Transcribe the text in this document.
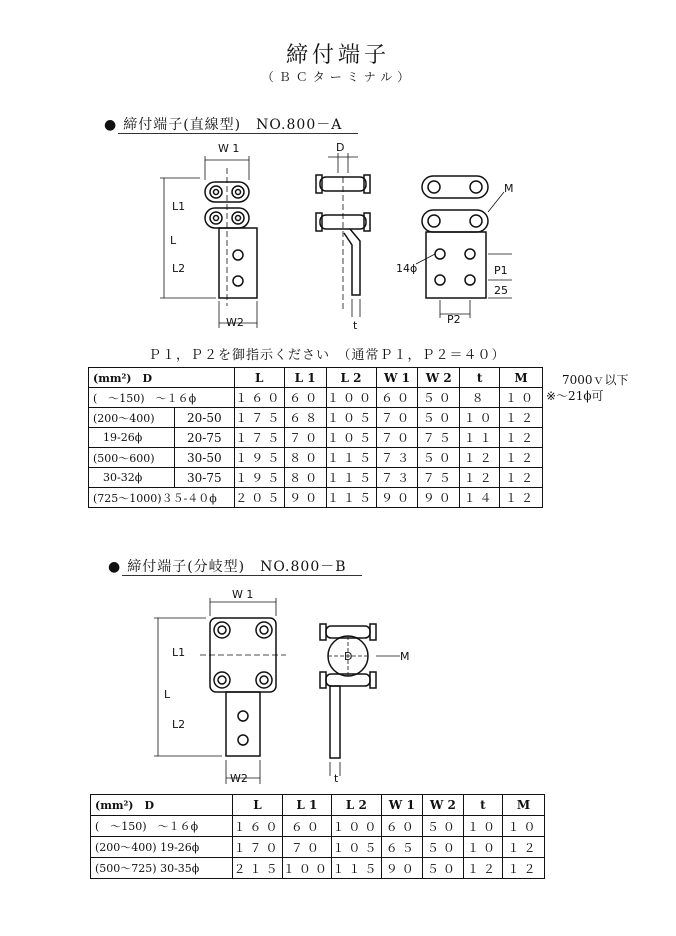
締付端子
（ＢＣターミナル）
● 締付端子(直線型)　NO.800－A
W 1
L1
L
L2
W2
D
t
M
14ϕ	P1
25
P2
Ｐ１，Ｐ２を御指示ください　（通常Ｐ１，Ｐ２＝４０）
7000ｖ以下
※～21ϕ可
(mm²)　D		L	L 1	L 2	W 1	W 2	t	M
(　～150)　～１６ϕ		１６０	６０	１００	６０	５０	８	１０
(200～400)	20-50	１７５	６８	１０５	７０	５０	１０	１２
19-26ϕ	20-75	１７５	７０	１０５	７０	７５	１１	１２
(500～600)	30-50	１９５	８０	１１５	７３	５０	１２	１２
30-32ϕ	30-75	１９５	８０	１１５	７３	７５	１２	１２
(725～1000)３５-４０ϕ		２０５	９０	１１５	９０	９０	１４	１２
● 締付端子(分岐型)　NO.800－B
W 1
L1
L
L2
W2
D	M
t
(mm²)　D	L	L 1	L 2	W 1	W 2	t	M
(　～150)　～１６ϕ	１６０	６０	１００	６０	５０	１０	１０
(200～400) 19-26ϕ	１７０	７０	１０５	６５	５０	１０	１２
(500～725) 30-35ϕ	２１５	１００	１１５	９０	５０	１２	１２
